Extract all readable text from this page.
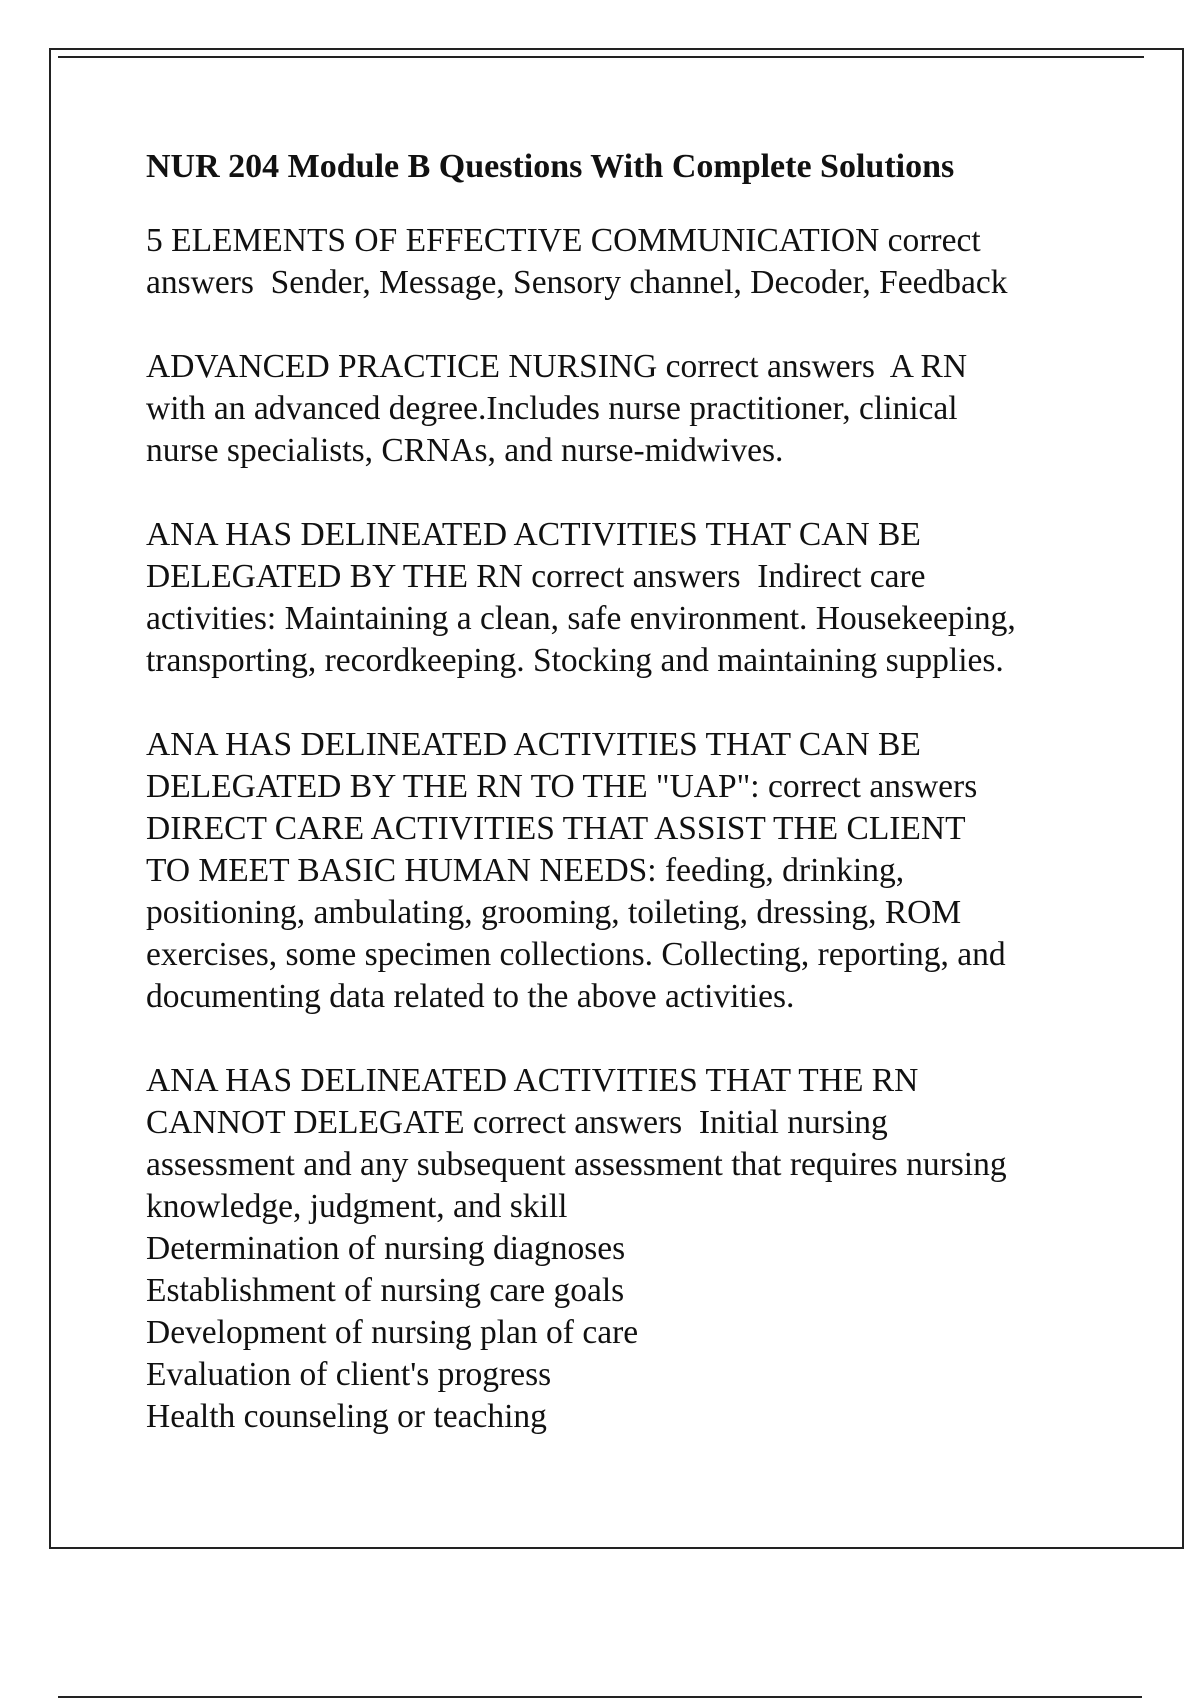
NUR 204 Module B Questions With Complete Solutions
5 ELEMENTS OF EFFECTIVE COMMUNICATION correct
answers  Sender, Message, Sensory channel, Decoder, Feedback
ADVANCED PRACTICE NURSING correct answers  A RN
with an advanced degree.Includes nurse practitioner, clinical
nurse specialists, CRNAs, and nurse-midwives.
ANA HAS DELINEATED ACTIVITIES THAT CAN BE
DELEGATED BY THE RN correct answers  Indirect care
activities: Maintaining a clean, safe environment. Housekeeping,
transporting, recordkeeping. Stocking and maintaining supplies.
ANA HAS DELINEATED ACTIVITIES THAT CAN BE
DELEGATED BY THE RN TO THE "UAP": correct answers
DIRECT CARE ACTIVITIES THAT ASSIST THE CLIENT
TO MEET BASIC HUMAN NEEDS: feeding, drinking,
positioning, ambulating, grooming, toileting, dressing, ROM
exercises, some specimen collections. Collecting, reporting, and
documenting data related to the above activities.
ANA HAS DELINEATED ACTIVITIES THAT THE RN
CANNOT DELEGATE correct answers  Initial nursing
assessment and any subsequent assessment that requires nursing
knowledge, judgment, and skill
Determination of nursing diagnoses
Establishment of nursing care goals
Development of nursing plan of care
Evaluation of client's progress
Health counseling or teaching
